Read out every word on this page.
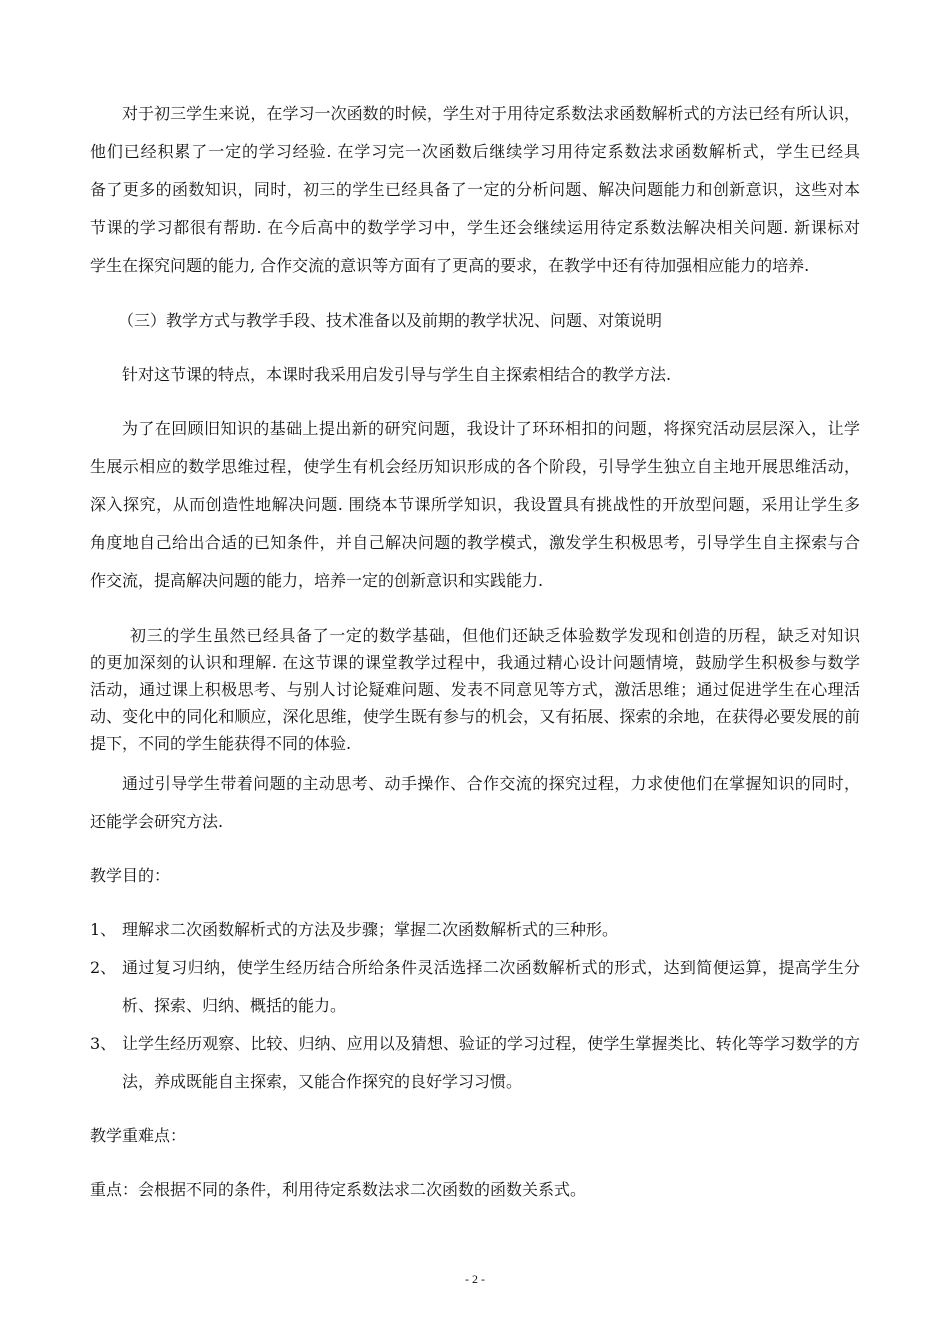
对于初三学生来说，在学习一次函数的时候，学生对于用待定系数法求函数解析式的方法已经有所认识，
他们已经积累了一定的学习经验. 在学习完一次函数后继续学习用待定系数法求函数解析式，学生已经具
备了更多的函数知识，同时，初三的学生已经具备了一定的分析问题、解决问题能力和创新意识，这些对本
节课的学习都很有帮助. 在今后高中的数学学习中，学生还会继续运用待定系数法解决相关问题. 新课标对
学生在探究问题的能力, 合作交流的意识等方面有了更高的要求，在教学中还有待加强相应能力的培养.
（三）教学方式与教学手段、技术准备以及前期的教学状况、问题、对策说明
针对这节课的特点，本课时我采用启发引导与学生自主探索相结合的教学方法.
为了在回顾旧知识的基础上提出新的研究问题，我设计了环环相扣的问题，将探究活动层层深入，让学
生展示相应的数学思维过程，使学生有机会经历知识形成的各个阶段，引导学生独立自主地开展思维活动，
深入探究，从而创造性地解决问题. 围绕本节课所学知识，我设置具有挑战性的开放型问题，采用让学生多
角度地自己给出合适的已知条件，并自己解决问题的教学模式，激发学生积极思考，引导学生自主探索与合
作交流，提高解决问题的能力，培养一定的创新意识和实践能力.
初三的学生虽然已经具备了一定的数学基础，但他们还缺乏体验数学发现和创造的历程，缺乏对知识
的更加深刻的认识和理解. 在这节课的课堂教学过程中，我通过精心设计问题情境，鼓励学生积极参与数学
活动，通过课上积极思考、与别人讨论疑难问题、发表不同意见等方式，激活思维；通过促进学生在心理活
动、变化中的同化和顺应，深化思维，使学生既有参与的机会，又有拓展、探索的余地，在获得必要发展的前
提下，不同的学生能获得不同的体验.
通过引导学生带着问题的主动思考、动手操作、合作交流的探究过程，力求使他们在掌握知识的同时，
还能学会研究方法.
教学目的：
1、 理解求二次函数解析式的方法及步骤；掌握二次函数解析式的三种形。
2、 通过复习归纳，使学生经历结合所给条件灵活选择二次函数解析式的形式，达到简便运算，提高学生分
析、探索、归纳、概括的能力。
3、 让学生经历观察、比较、归纳、应用以及猜想、验证的学习过程，使学生掌握类比、转化等学习数学的方
法，养成既能自主探索，又能合作探究的良好学习习惯。
教学重难点：
重点：会根据不同的条件，利用待定系数法求二次函数的函数关系式。
- 2 -
